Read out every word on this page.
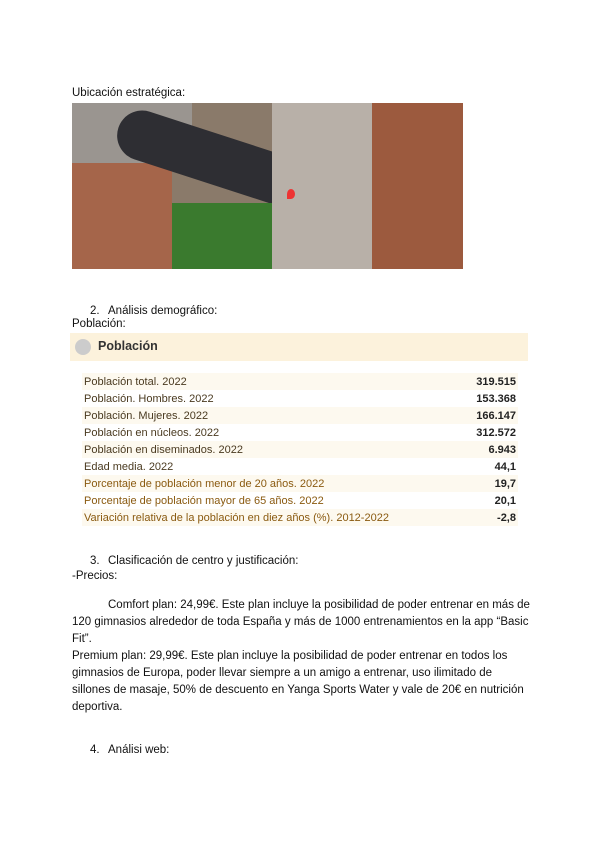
Ubicación estratégica:
2. Análisis demográfico:
Población:
Población
Población total. 2022	319.515
Población. Hombres. 2022	153.368
Población. Mujeres. 2022	166.147
Población en núcleos. 2022	312.572
Población en diseminados. 2022	6.943
Edad media. 2022	44,1
Porcentaje de población menor de 20 años. 2022	19,7
Porcentaje de población mayor de 65 años. 2022	20,1
Variación relativa de la población en diez años (%). 2012-2022	-2,8
3. Clasificación de centro y justificación:
-Precios:
Comfort plan: 24,99€. Este plan incluye la posibilidad de poder entrenar en más de 120 gimnasios alrededor de toda España y más de 1000 entrenamientos en la app “Basic Fit”.
Premium plan: 29,99€. Este plan incluye la posibilidad de poder entrenar en todos los gimnasios de Europa, poder llevar siempre a un amigo a entrenar, uso ilimitado de sillones de masaje, 50% de descuento en Yanga Sports Water y vale de 20€ en nutrición deportiva.
4. Análisi web:
